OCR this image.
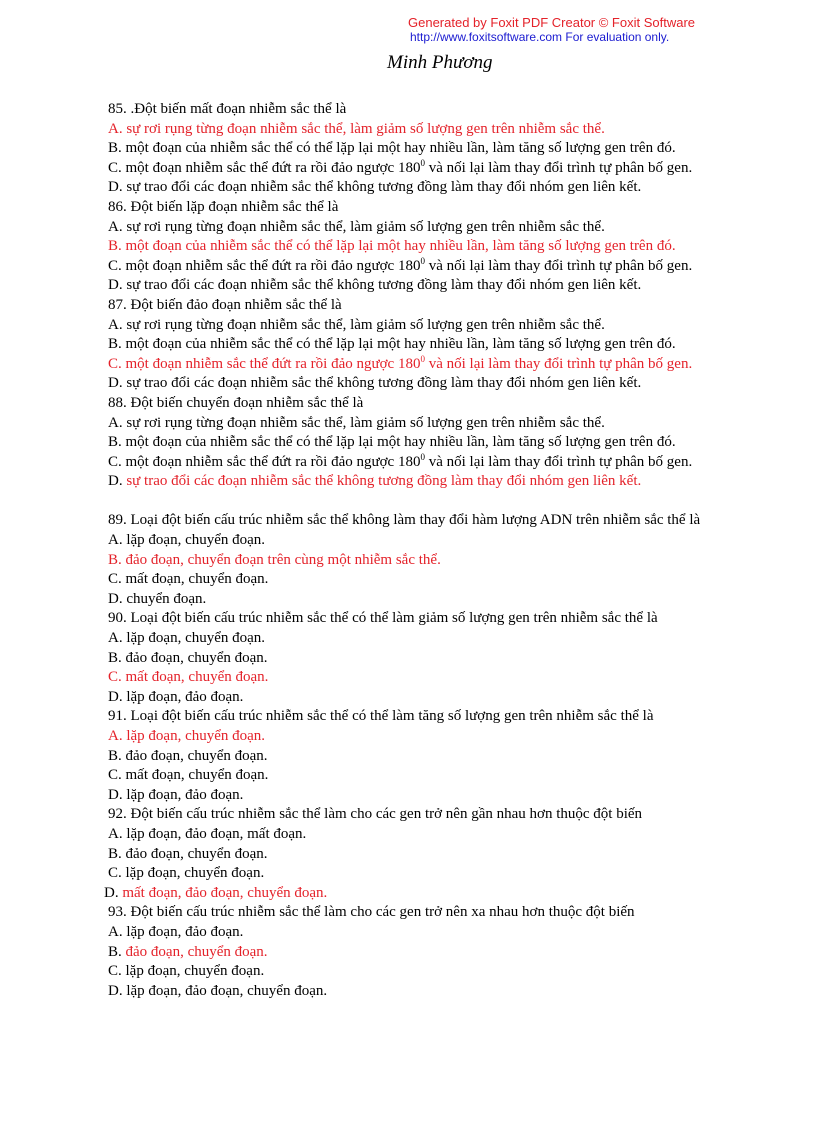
Generated by Foxit PDF Creator © Foxit Software
http://www.foxitsoftware.com For evaluation only.
Minh Phương
85. .Đột biến mất đoạn nhiễm sắc thể là
A. sự rơi rụng từng đoạn nhiễm sắc thể, làm giảm số lượng gen trên nhiễm sắc thể.
B. một đoạn của nhiễm sắc thể có thể lặp lại một hay nhiều lần, làm tăng số lượng gen trên đó.
C. một đoạn nhiễm sắc thể đứt ra rồi đảo ngược $180^0$ và nối lại làm thay đổi trình tự phân bố gen.
D. sự trao đổi các đoạn nhiễm sắc thể không tương đồng làm thay đổi nhóm gen liên kết.
86. Đột biến lặp đoạn nhiễm sắc thể là
A. sự rơi rụng từng đoạn nhiễm sắc thể, làm giảm số lượng gen trên nhiễm sắc thể.
B. một đoạn của nhiễm sắc thể có thể lặp lại một hay nhiều lần, làm tăng số lượng gen trên đó.
C. một đoạn nhiễm sắc thể đứt ra rồi đảo ngược $180^0$ và nối lại làm thay đổi trình tự phân bố gen.
D. sự trao đổi các đoạn nhiễm sắc thể không tương đồng làm thay đổi nhóm gen liên kết.
87. Đột biến đảo đoạn nhiễm sắc thể là
A. sự rơi rụng từng đoạn nhiễm sắc thể, làm giảm số lượng gen trên nhiễm sắc thể.
B. một đoạn của nhiễm sắc thể có thể lặp lại một hay nhiều lần, làm tăng số lượng gen trên đó.
C. một đoạn nhiễm sắc thể đứt ra rồi đảo ngược $180^0$ và nối lại làm thay đổi trình tự phân bố gen.
D. sự trao đổi các đoạn nhiễm sắc thể không tương đồng làm thay đổi nhóm gen liên kết.
88. Đột biến chuyển đoạn nhiễm sắc thể là
A. sự rơi rụng từng đoạn nhiễm sắc thể, làm giảm số lượng gen trên nhiễm sắc thể.
B. một đoạn của nhiễm sắc thể có thể lặp lại một hay nhiều lần, làm tăng số lượng gen trên đó.
C. một đoạn nhiễm sắc thể đứt ra rồi đảo ngược $180^0$ và nối lại làm thay đổi trình tự phân bố gen.
D. sự trao đổi các đoạn nhiễm sắc thể không tương đồng làm thay đổi nhóm gen liên kết.
89. Loại đột biến cấu trúc nhiễm sắc thể không làm thay đổi hàm lượng ADN trên nhiễm sắc thể là
A. lặp đoạn, chuyển đoạn.
B. đảo đoạn, chuyển đoạn trên cùng một nhiễm sắc thể.
C. mất đoạn, chuyển đoạn.
D. chuyển đoạn.
90. Loại đột biến cấu trúc nhiễm sắc thể có thể làm giảm số lượng gen trên nhiễm sắc thể là
A. lặp đoạn, chuyển đoạn.
B. đảo đoạn, chuyển đoạn.
C. mất đoạn, chuyển đoạn.
D. lặp đoạn, đảo đoạn.
91. Loại đột biến cấu trúc nhiễm sắc thể có thể làm tăng số lượng gen trên nhiễm sắc thể là
A. lặp đoạn, chuyển đoạn.
B. đảo đoạn, chuyển đoạn.
C. mất đoạn, chuyển đoạn.
D. lặp đoạn, đảo đoạn.
92. Đột biến cấu trúc nhiễm sắc thể làm cho các gen trở nên gần nhau hơn thuộc đột biến
A. lặp đoạn, đảo đoạn, mất đoạn.
B. đảo đoạn, chuyển đoạn.
C. lặp đoạn, chuyển đoạn.
D. mất đoạn, đảo đoạn, chuyển đoạn.
93. Đột biến cấu trúc nhiễm sắc thể làm cho các gen trở nên xa nhau hơn thuộc đột biến
A. lặp đoạn, đảo đoạn.
B. đảo đoạn, chuyển đoạn.
C. lặp đoạn, chuyển đoạn.
D. lặp đoạn, đảo đoạn, chuyển đoạn.
